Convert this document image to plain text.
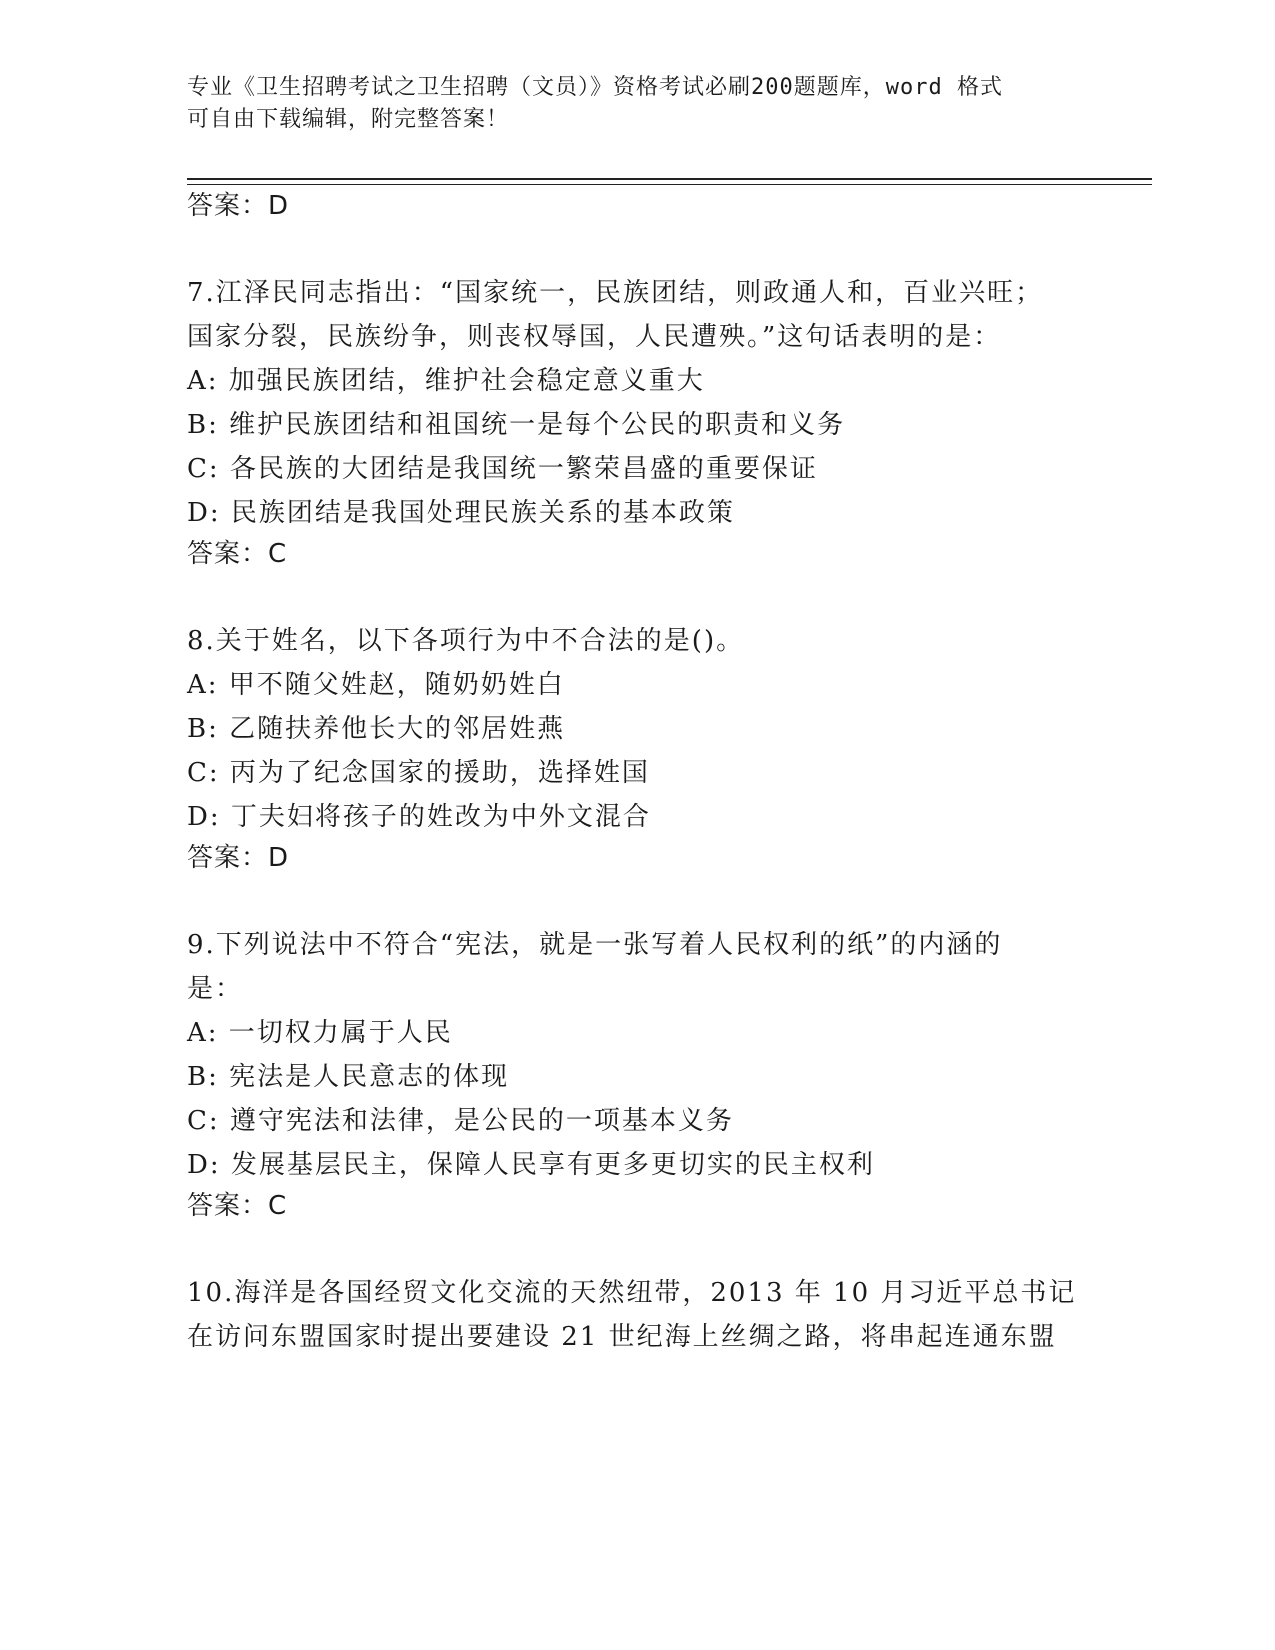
专业《卫生招聘考试之卫生招聘（文员）》资格考试必刷200题题库，word 格式
可自由下载编辑，附完整答案！
答案：D
7.江泽民同志指出：“国家统一，民族团结，则政通人和，百业兴旺；
国家分裂，民族纷争，则丧权辱国，人民遭殃。”这句话表明的是：
A: 加强民族团结，维护社会稳定意义重大
B: 维护民族团结和祖国统一是每个公民的职责和义务
C: 各民族的大团结是我国统一繁荣昌盛的重要保证
D: 民族团结是我国处理民族关系的基本政策
答案：C
8.关于姓名，以下各项行为中不合法的是()。
A: 甲不随父姓赵，随奶奶姓白
B: 乙随扶养他长大的邻居姓燕
C: 丙为了纪念国家的援助，选择姓国
D: 丁夫妇将孩子的姓改为中外文混合
答案：D
9.下列说法中不符合“宪法，就是一张写着人民权利的纸”的内涵的
是：
A: 一切权力属于人民
B: 宪法是人民意志的体现
C: 遵守宪法和法律，是公民的一项基本义务
D: 发展基层民主，保障人民享有更多更切实的民主权利
答案：C
10.海洋是各国经贸文化交流的天然纽带，2013 年 10 月习近平总书记
在访问东盟国家时提出要建设 21 世纪海上丝绸之路，将串起连通东盟
